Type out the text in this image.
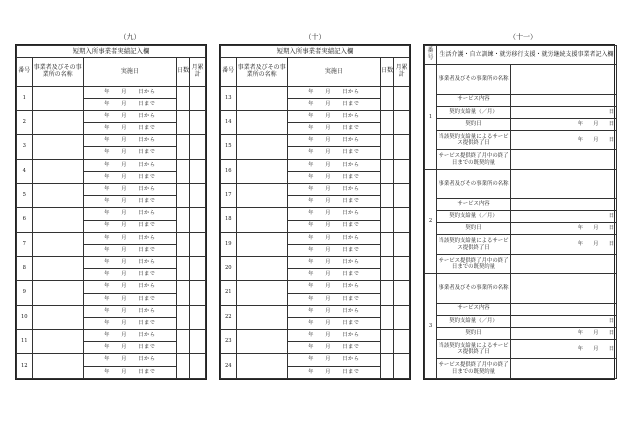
（九）	（十）	（十一）
短期入所事業者実績記入欄				
番号	事業者及びその事業所の名称	実施日	日数	月累計
1		年　　月　　日から		
		年　　月　　日まで		
2		年　　月　　日から		
		年　　月　　日まで		
3		年　　月　　日から		
		年　　月　　日まで		
4		年　　月　　日から		
		年　　月　　日まで		
5		年　　月　　日から		
		年　　月　　日まで		
6		年　　月　　日から		
		年　　月　　日まで		
7		年　　月　　日から		
		年　　月　　日まで		
8		年　　月　　日から		
		年　　月　　日まで		
9		年　　月　　日から		
		年　　月　　日まで		
10		年　　月　　日から		
		年　　月　　日まで		
11		年　　月　　日から		
		年　　月　　日まで		
12		年　　月　　日から		
		年　　月　　日まで		
短期入所事業者実績記入欄				
番号	事業者及びその事業所の名称	実施日	日数	月累計
13		年　　月　　日から		
		年　　月　　日まで		
14		年　　月　　日から		
		年　　月　　日まで		
15		年　　月　　日から		
		年　　月　　日まで		
16		年　　月　　日から		
		年　　月　　日まで		
17		年　　月　　日から		
		年　　月　　日まで		
18		年　　月　　日から		
		年　　月　　日まで		
19		年　　月　　日から		
		年　　月　　日まで		
20		年　　月　　日から		
		年　　月　　日まで		
21		年　　月　　日から		
		年　　月　　日まで		
22		年　　月　　日から		
		年　　月　　日まで		
23		年　　月　　日から		
		年　　月　　日まで		
24		年　　月　　日から		
		年　　月　　日まで		
番号	生活介護・自立訓練・就労移行支援・就労継続支援事業者記入欄	
1	事業者及びその事業所の名称	
	サービス内容	
	契約支給量（／月）	日
	契約日	年　　月　　日
	当該契約支給量によるサービス提供終了日	年　　月　　日
	サービス提供終了月中の終了日までの既契約量	
2	事業者及びその事業所の名称	
	サービス内容	
	契約支給量（／月）	日
	契約日	年　　月　　日
	当該契約支給量によるサービス提供終了日	年　　月　　日
	サービス提供終了月中の終了日までの既契約量	
3	事業者及びその事業所の名称	
	サービス内容	
	契約支給量（／月）	日
	契約日	年　　月　　日
	当該契約支給量によるサービス提供終了日	年　　月　　日
	サービス提供終了月中の終了日までの既契約量	
